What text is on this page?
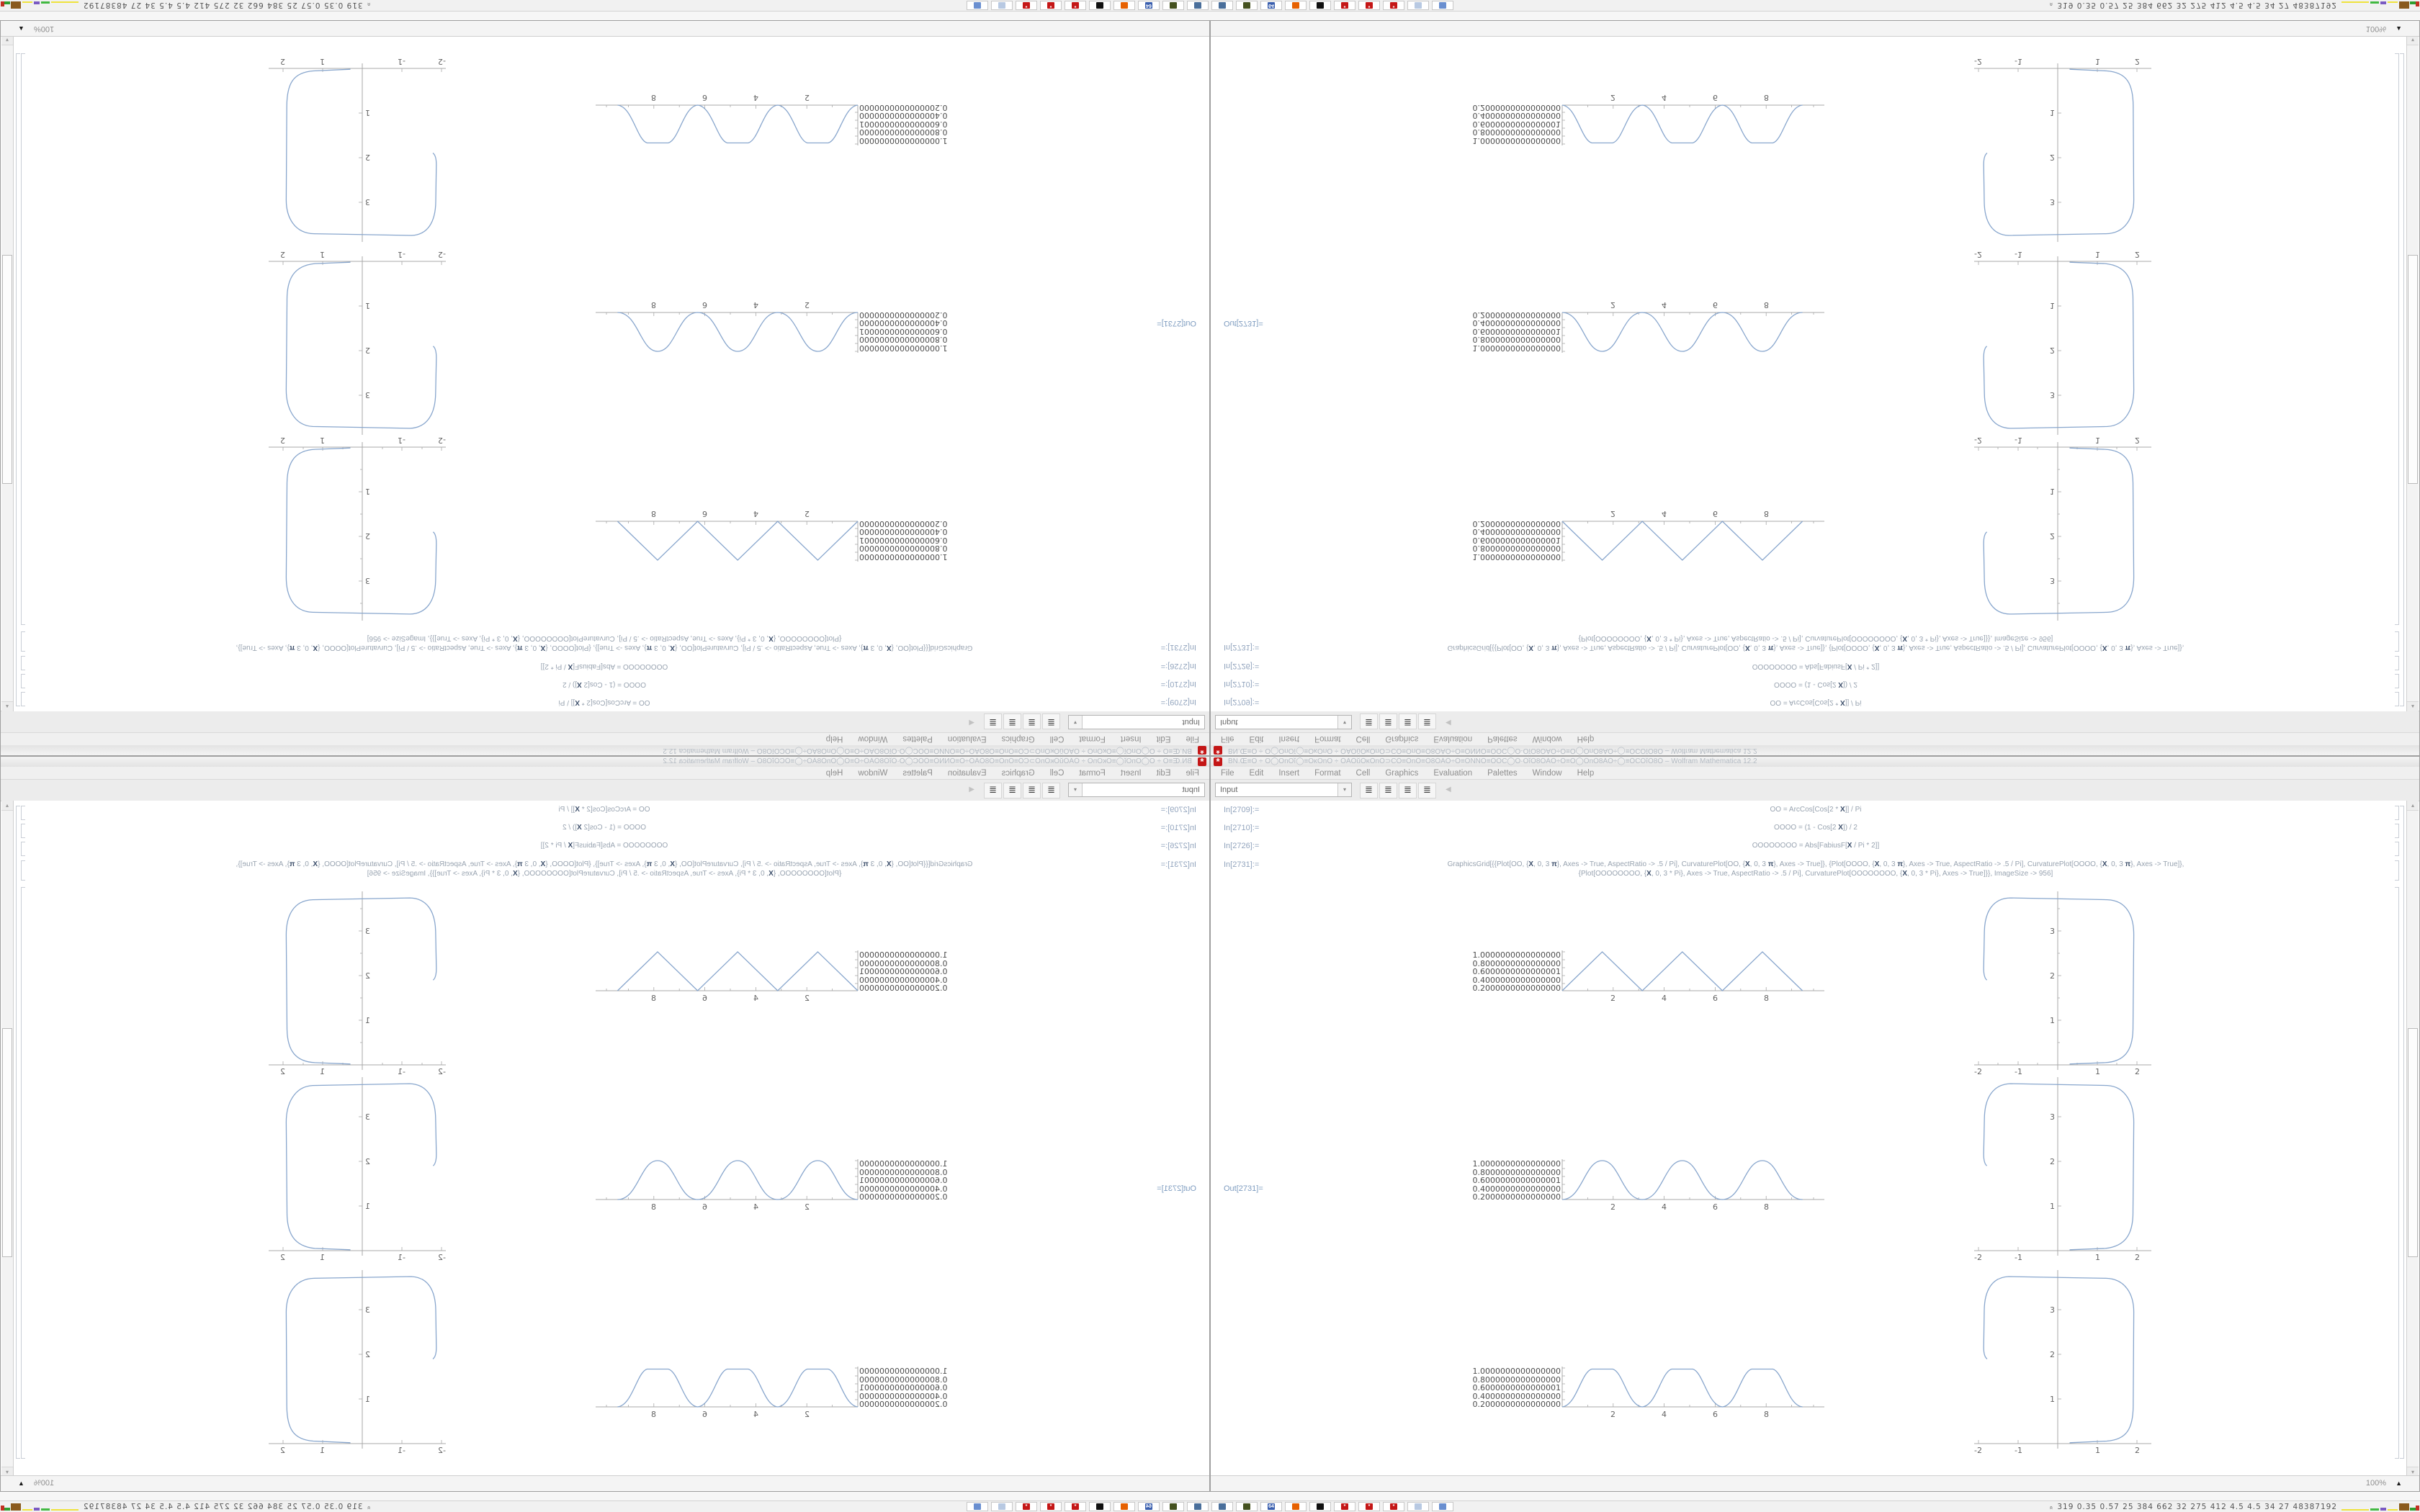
*	BN.Œ≡O ÷ O◯OnOĭ◯≡OĸOnO ÷ ŌĀŌŭŌĸŌnŌ⊃CŌ≡ŌnŌ≡Ō8ŌĀŌ÷Ō≡ŌNNŌ≡ŌŌC◯Ō·ŌĭŌ8ŌĀŌ÷Ō≡Ō◯ŌnŌ8ĀŌ÷◯≡ŌCŌĭŌ8Ō – Wolfram Mathematica 12.2
File Edit Insert Format Cell Graphics Evaluation Palettes Window Help
Input	▾	≣	≣	≣	≣	◀
In[2709]:=	OO = ArcCos[Cos[2 * X]] / Pi
In[2710]:=	OOOO = (1 - Cos[2 X]) / 2
In[2726]:=	OOOOOOOO = Abs[FabiusF[X / Pi * 2]]
In[2731]:=	GraphicsGrid[{{Plot[OO, {X, 0, 3 π}, Axes -> True, AspectRatio -> .5 / Pi], CurvaturePlot[OO, {X, 0, 3 π}, Axes -> True]}, {Plot[OOOO, {X, 0, 3 π}, Axes -> True, AspectRatio -> .5 / Pi], CurvaturePlot[OOOO, {X, 0, 3 π}, Axes -> True]},
{Plot[OOOOOOOO, {X, 0, 3 * Pi}, Axes -> True, AspectRatio -> .5 / Pi], CurvaturePlot[OOOOOOOO, {X, 0, 3 * Pi}, Axes -> True]}}, ImageSize -> 956]
Out[2731]=
1.0000000000000000
0.8000000000000000
0.6000000000000001
0.4000000000000000
0.2000000000000000
2	4	6	8
-2	-1	1	2
1
2
3
1.0000000000000000
0.8000000000000000
0.6000000000000001
0.4000000000000000
0.2000000000000000
2	4	6	8
-2	-1	1	2
1
2
3
1.0000000000000000
0.8000000000000000
0.6000000000000001
0.4000000000000000
0.2000000000000000
2	4	6	8
-2	-1	1	2
1
2
3
▴
▾
100% ▲
64	*	*	*	« 319 0.35 0.57 25 384 662 32 275 412 4.5 4.5 34 27 48387192
*
BN.Œ≡O ÷ O◯OnOĭ◯≡OĸOnO ÷ ŌĀŌŭŌĸŌnŌ⊃CŌ≡ŌnŌ≡Ō8ŌĀŌ÷Ō≡ŌNNŌ≡ŌŌC◯Ō·ŌĭŌ8ŌĀŌ÷Ō≡Ō◯ŌnŌ8ĀŌ÷◯≡ŌCŌĭŌ8Ō – Wolfram Mathematica 12.2
File
Edit
Insert
Format
Cell
Graphics
Evaluation
Palettes
Window
Help
Input
▾
≣
≣
≣
≣
◀
In[2709]:=
OO = ArcCos[Cos[2 * X]] / Pi
In[2710]:=
OOOO = (1 - Cos[2 X]) / 2
In[2726]:=
OOOOOOOO = Abs[FabiusF[X / Pi * 2]]
In[2731]:=
GraphicsGrid[{{Plot[OO, {X, 0, 3 π}, Axes -> True, AspectRatio -> .5 / Pi], CurvaturePlot[OO, {X, 0, 3 π}, Axes -> True]}, {Plot[OOOO, {X, 0, 3 π}, Axes -> True, AspectRatio -> .5 / Pi], CurvaturePlot[OOOO, {X, 0, 3 π}, Axes -> True]},
{Plot[OOOOOOOO, {X, 0, 3 * Pi}, Axes -> True, AspectRatio -> .5 / Pi], CurvaturePlot[OOOOOOOO, {X, 0, 3 * Pi}, Axes -> True]}}, ImageSize -> 956]
Out[2731]=
1.0000000000000000
0.8000000000000000
0.6000000000000001
0.4000000000000000
0.2000000000000000
2
4
6
8
-2
-1
1
2
1
2
3
1.0000000000000000
0.8000000000000000
0.6000000000000001
0.4000000000000000
0.2000000000000000
2
4
6
8
-2
-1
1
2
1
2
3
1.0000000000000000
0.8000000000000000
0.6000000000000001
0.4000000000000000
0.2000000000000000
2
4
6
8
-2
-1
1
2
1
2
3
▴
▾
100%
▲
64
*
*
*
«
319 0.35 0.57 25 384 662 32 275 412 4.5 4.5 34 27 48387192
*	BN.Œ≡O ÷ O◯OnOĭ◯≡OĸOnO ÷ ŌĀŌŭŌĸŌnŌ⊃CŌ≡ŌnŌ≡Ō8ŌĀŌ÷Ō≡ŌNNŌ≡ŌŌC◯Ō·ŌĭŌ8ŌĀŌ÷Ō≡Ō◯ŌnŌ8ĀŌ÷◯≡ŌCŌĭŌ8Ō – Wolfram Mathematica 12.2
File Edit Insert Format Cell Graphics Evaluation Palettes Window Help
Input	▾	≣	≣	≣	≣	◀
In[2709]:=	OO = ArcCos[Cos[2 * X]] / Pi
In[2710]:=	OOOO = (1 - Cos[2 X]) / 2
In[2726]:=	OOOOOOOO = Abs[FabiusF[X / Pi * 2]]
In[2731]:=	GraphicsGrid[{{Plot[OO, {X, 0, 3 π}, Axes -> True, AspectRatio -> .5 / Pi], CurvaturePlot[OO, {X, 0, 3 π}, Axes -> True]}, {Plot[OOOO, {X, 0, 3 π}, Axes -> True, AspectRatio -> .5 / Pi], CurvaturePlot[OOOO, {X, 0, 3 π}, Axes -> True]},
{Plot[OOOOOOOO, {X, 0, 3 * Pi}, Axes -> True, AspectRatio -> .5 / Pi], CurvaturePlot[OOOOOOOO, {X, 0, 3 * Pi}, Axes -> True]}}, ImageSize -> 956]
Out[2731]=
1.0000000000000000
0.8000000000000000
0.6000000000000001
0.4000000000000000
0.2000000000000000
2	4	6	8
-2	-1	1	2
1
2
3
1.0000000000000000
0.8000000000000000
0.6000000000000001
0.4000000000000000
0.2000000000000000
2	4	6	8
-2	-1	1	2
1
2
3
1.0000000000000000
0.8000000000000000
0.6000000000000001
0.4000000000000000
0.2000000000000000
2	4	6	8
-2	-1	1	2
1
2
3
▴
▾
100% ▲
64	*	*	*	« 319 0.35 0.57 25 384 662 32 275 412 4.5 4.5 34 27 48387192
*
BN.Œ≡O ÷ O◯OnOĭ◯≡OĸOnO ÷ ŌĀŌŭŌĸŌnŌ⊃CŌ≡ŌnŌ≡Ō8ŌĀŌ÷Ō≡ŌNNŌ≡ŌŌC◯Ō·ŌĭŌ8ŌĀŌ÷Ō≡Ō◯ŌnŌ8ĀŌ÷◯≡ŌCŌĭŌ8Ō – Wolfram Mathematica 12.2
File
Edit
Insert
Format
Cell
Graphics
Evaluation
Palettes
Window
Help
Input
▾
≣
≣
≣
≣
◀
In[2709]:=
OO = ArcCos[Cos[2 * X]] / Pi
In[2710]:=
OOOO = (1 - Cos[2 X]) / 2
In[2726]:=
OOOOOOOO = Abs[FabiusF[X / Pi * 2]]
In[2731]:=
GraphicsGrid[{{Plot[OO, {X, 0, 3 π}, Axes -> True, AspectRatio -> .5 / Pi], CurvaturePlot[OO, {X, 0, 3 π}, Axes -> True]}, {Plot[OOOO, {X, 0, 3 π}, Axes -> True, AspectRatio -> .5 / Pi], CurvaturePlot[OOOO, {X, 0, 3 π}, Axes -> True]},
{Plot[OOOOOOOO, {X, 0, 3 * Pi}, Axes -> True, AspectRatio -> .5 / Pi], CurvaturePlot[OOOOOOOO, {X, 0, 3 * Pi}, Axes -> True]}}, ImageSize -> 956]
Out[2731]=
1.0000000000000000
0.8000000000000000
0.6000000000000001
0.4000000000000000
0.2000000000000000
2
4
6
8
-2
-1
1
2
1
2
3
1.0000000000000000
0.8000000000000000
0.6000000000000001
0.4000000000000000
0.2000000000000000
2
4
6
8
-2
-1
1
2
1
2
3
1.0000000000000000
0.8000000000000000
0.6000000000000001
0.4000000000000000
0.2000000000000000
2
4
6
8
-2
-1
1
2
1
2
3
▴
▾
100%
▲
64
*
*
*
«
319 0.35 0.57 25 384 662 32 275 412 4.5 4.5 34 27 48387192
